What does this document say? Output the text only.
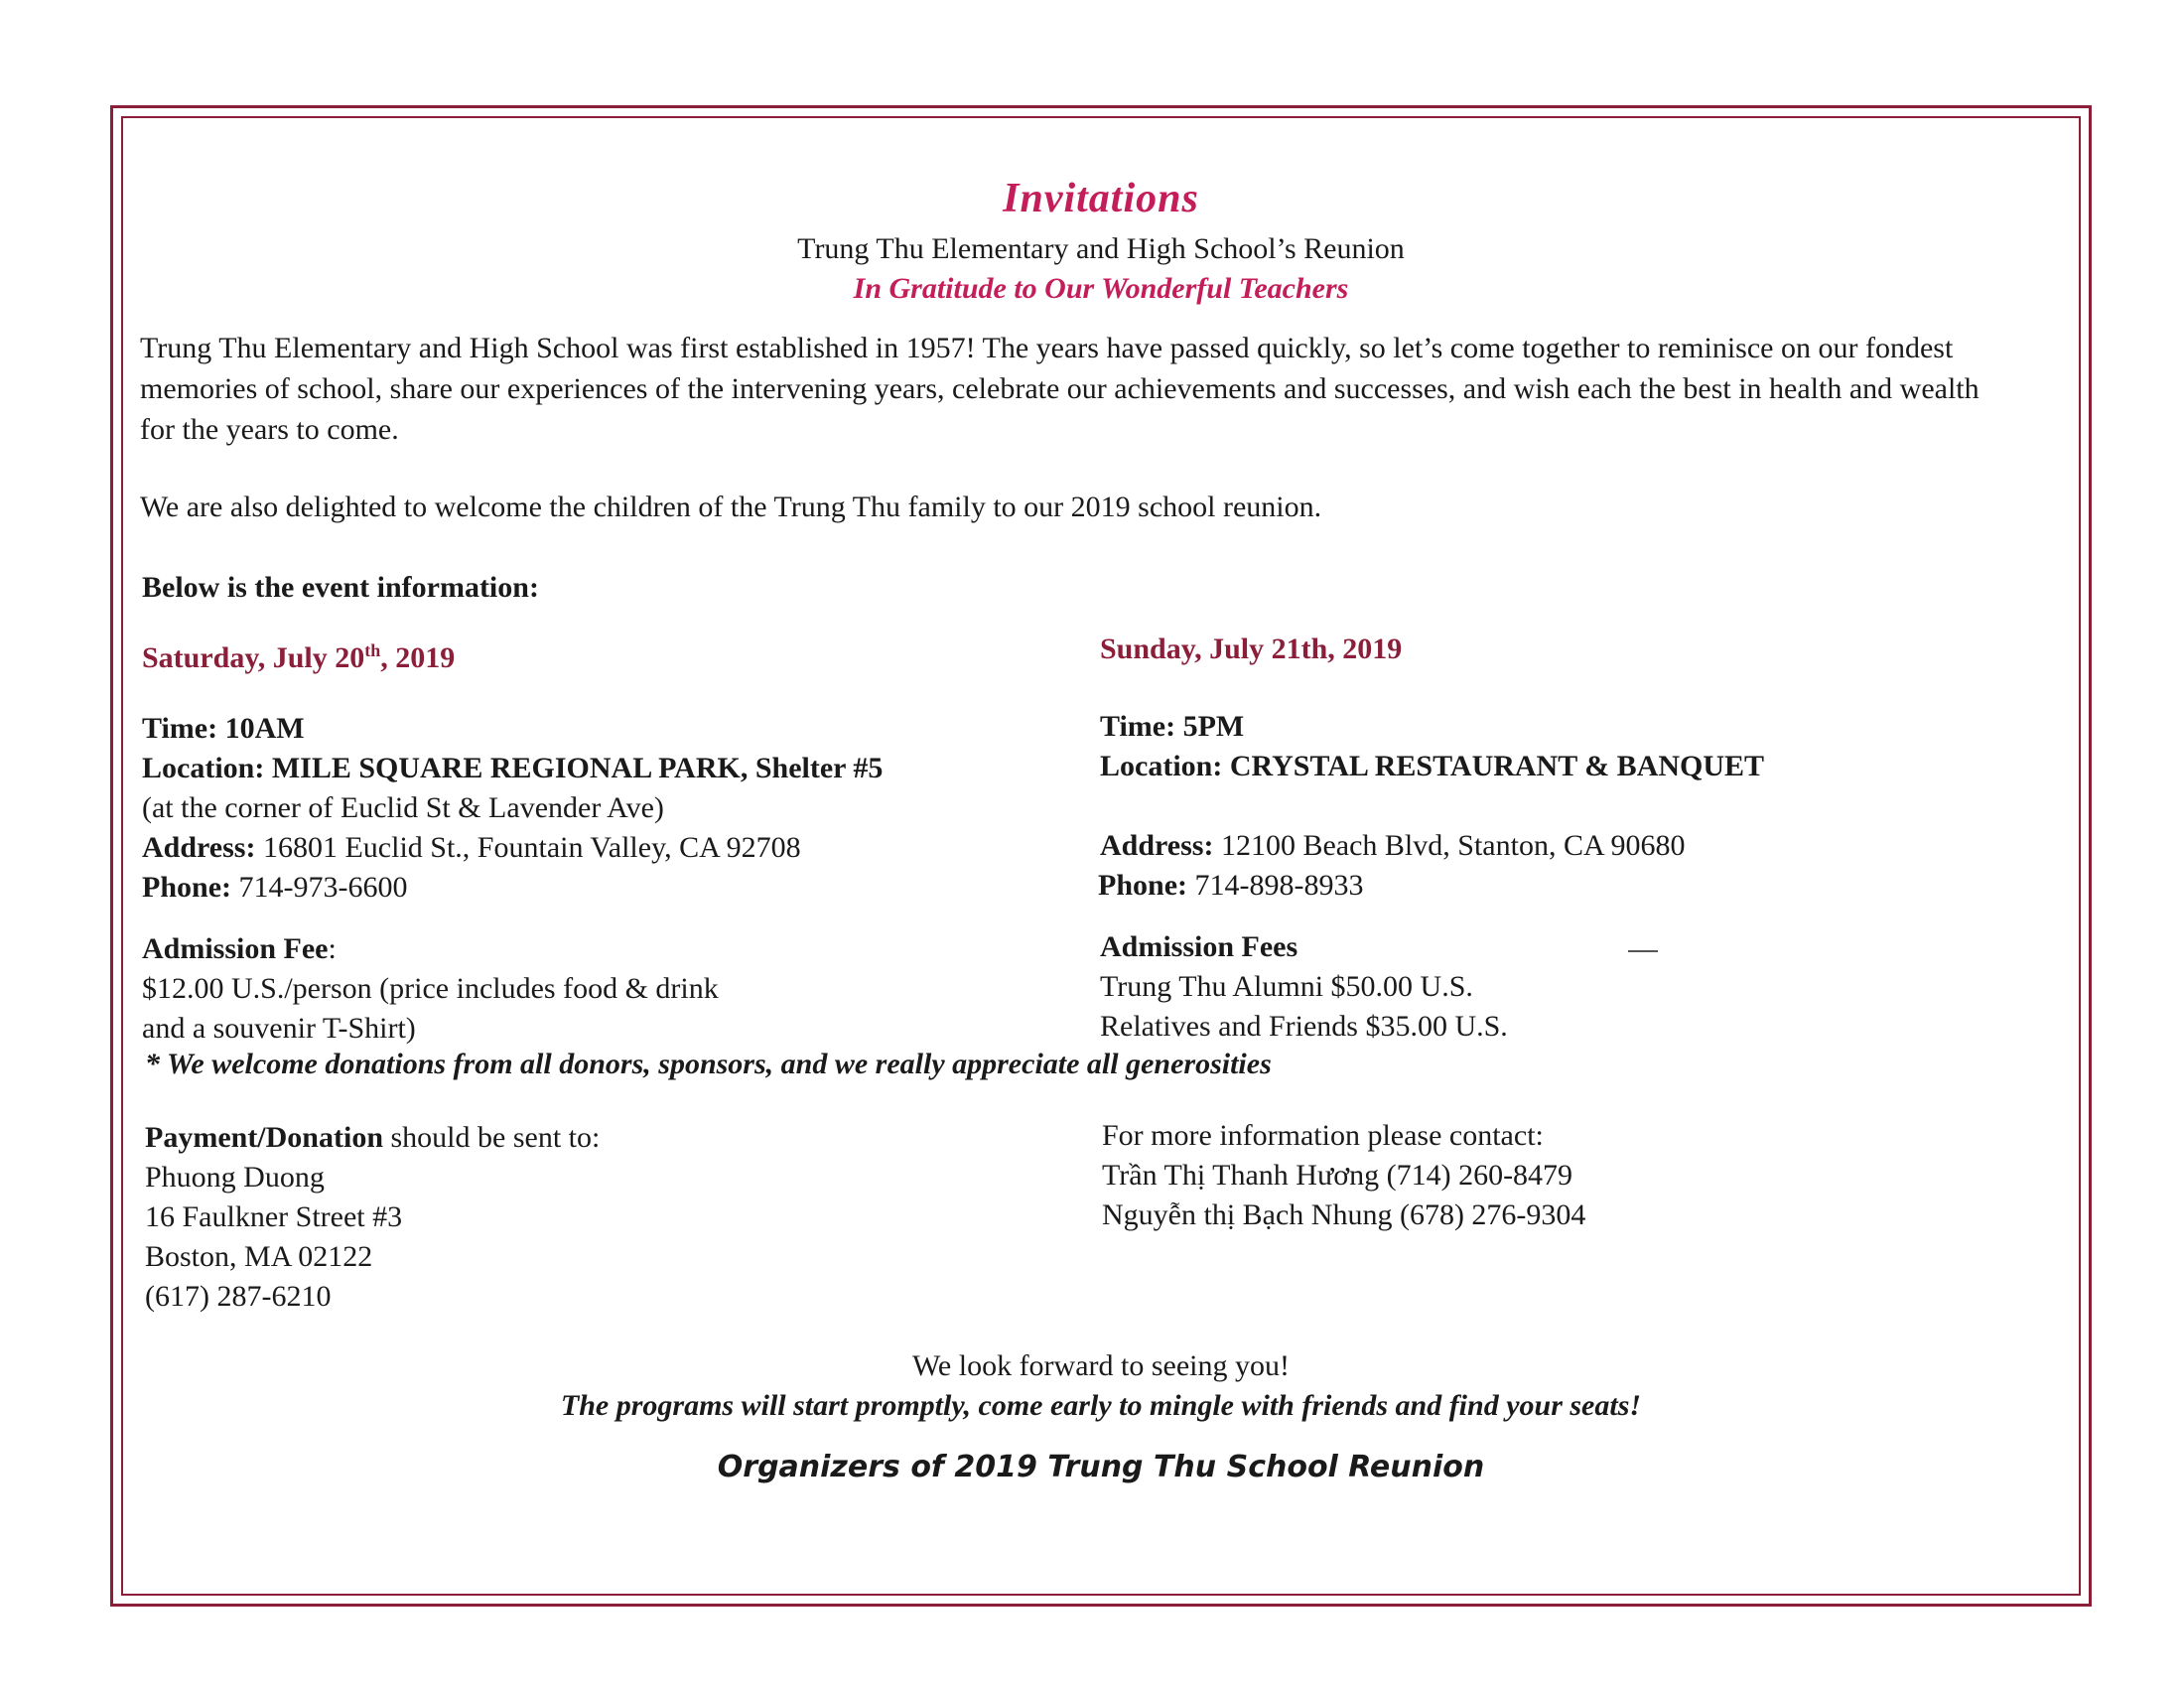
Invitations
Trung Thu Elementary and High School’s Reunion
In Gratitude to Our Wonderful Teachers
Trung Thu Elementary and High School was first established in 1957! The years have passed quickly, so let’s come together to reminisce on our fondest memories of school, share our experiences of the intervening years, celebrate our achievements and successes, and wish each the best in health and wealth for the years to come.
We are also delighted to welcome the children of the Trung Thu family to our 2019 school reunion.
Below is the event information:
Saturday, July 20th, 2019
Time: 10AM
Location: MILE SQUARE REGIONAL PARK, Shelter #5
(at the corner of Euclid St & Lavender Ave)
Address: 16801 Euclid St., Fountain Valley, CA 92708
Phone: 714-973-6600
Admission Fee:
$12.00 U.S./person (price includes food & drink
and a souvenir T-Shirt)
Sunday, July 21th, 2019
Time: 5PM
Location: CRYSTAL RESTAURANT & BANQUET
Address: 12100 Beach Blvd, Stanton, CA 90680
Phone: 714-898-8933
Admission Fees
Trung Thu Alumni $50.00 U.S.
Relatives and Friends $35.00 U.S.
* We welcome donations from all donors, sponsors, and we really appreciate all generosities
Payment/Donation should be sent to:
Phuong Duong
16 Faulkner Street #3
Boston, MA 02122
(617) 287-6210
For more information please contact:
Trần Thị Thanh Hương (714) 260-8479
Nguyễn thị Bạch Nhung (678) 276-9304
We look forward to seeing you!
The programs will start promptly, come early to mingle with friends and find your seats!
Organizers of 2019 Trung Thu School Reunion
